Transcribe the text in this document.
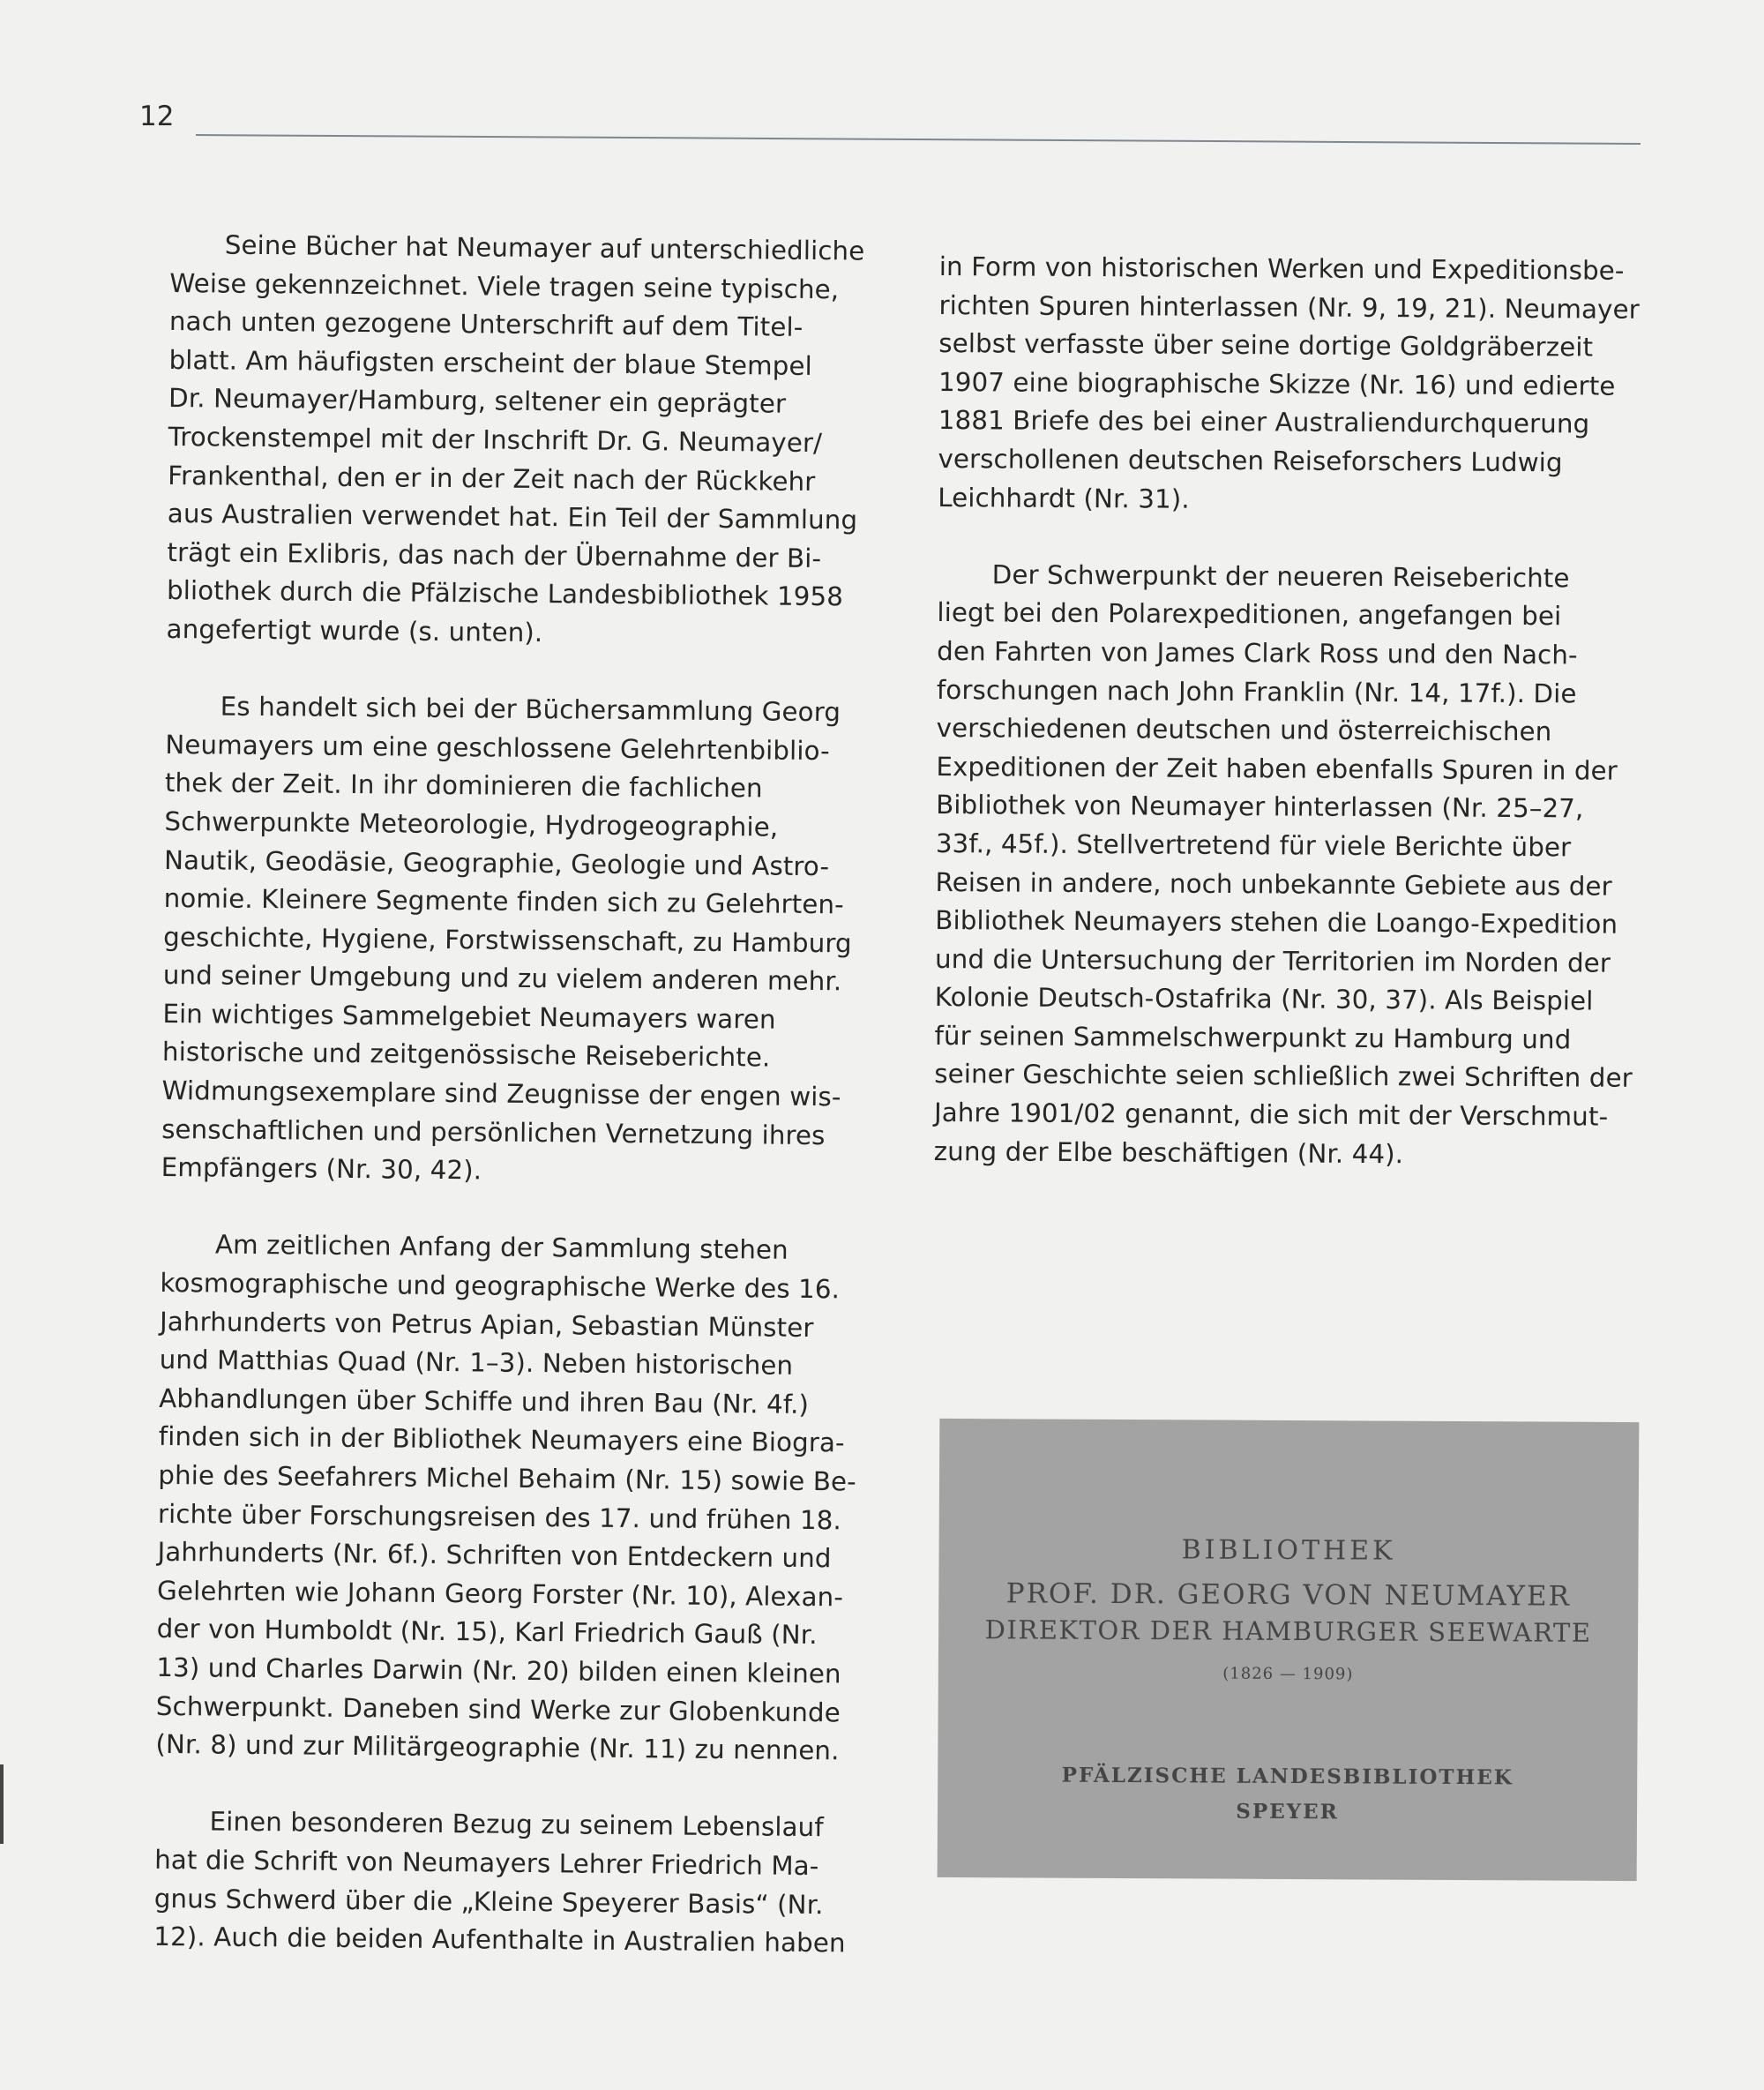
12
Seine Bücher hat Neumayer auf unterschiedliche
Weise gekennzeichnet. Viele tragen seine typische,
nach unten gezogene Unterschrift auf dem Titel-
blatt. Am häufigsten erscheint der blaue Stempel
Dr. Neumayer/Hamburg, seltener ein geprägter
Trockenstempel mit der Inschrift Dr. G. Neumayer/
Frankenthal, den er in der Zeit nach der Rückkehr
aus Australien verwendet hat. Ein Teil der Sammlung
trägt ein Exlibris, das nach der Übernahme der Bi-
bliothek durch die Pfälzische Landesbibliothek 1958
angefertigt wurde (s. unten).
Es handelt sich bei der Büchersammlung Georg
Neumayers um eine geschlossene Gelehrtenbiblio-
thek der Zeit. In ihr dominieren die fachlichen
Schwerpunkte Meteorologie, Hydrogeographie,
Nautik, Geodäsie, Geographie, Geologie und Astro-
nomie. Kleinere Segmente finden sich zu Gelehrten-
geschichte, Hygiene, Forstwissenschaft, zu Hamburg
und seiner Umgebung und zu vielem anderen mehr.
Ein wichtiges Sammelgebiet Neumayers waren
historische und zeitgenössische Reiseberichte.
Widmungsexemplare sind Zeugnisse der engen wis-
senschaftlichen und persönlichen Vernetzung ihres
Empfängers (Nr. 30, 42).
Am zeitlichen Anfang der Sammlung stehen
kosmographische und geographische Werke des 16.
Jahrhunderts von Petrus Apian, Sebastian Münster
und Matthias Quad (Nr. 1–3). Neben historischen
Abhandlungen über Schiffe und ihren Bau (Nr. 4f.)
finden sich in der Bibliothek Neumayers eine Biogra-
phie des Seefahrers Michel Behaim (Nr. 15) sowie Be-
richte über Forschungsreisen des 17. und frühen 18.
Jahrhunderts (Nr. 6f.). Schriften von Entdeckern und
Gelehrten wie Johann Georg Forster (Nr. 10), Alexan-
der von Humboldt (Nr. 15), Karl Friedrich Gauß (Nr.
13) und Charles Darwin (Nr. 20) bilden einen kleinen
Schwerpunkt. Daneben sind Werke zur Globenkunde
(Nr. 8) und zur Militärgeographie (Nr. 11) zu nennen.
Einen besonderen Bezug zu seinem Lebenslauf
hat die Schrift von Neumayers Lehrer Friedrich Ma-
gnus Schwerd über die „Kleine Speyerer Basis“ (Nr.
12). Auch die beiden Aufenthalte in Australien haben
in Form von historischen Werken und Expeditionsbe-
richten Spuren hinterlassen (Nr. 9, 19, 21). Neumayer
selbst verfasste über seine dortige Goldgräberzeit
1907 eine biographische Skizze (Nr. 16) und edierte
1881 Briefe des bei einer Australiendurchquerung
verschollenen deutschen Reiseforschers Ludwig
Leichhardt (Nr. 31).
Der Schwerpunkt der neueren Reiseberichte
liegt bei den Polarexpeditionen, angefangen bei
den Fahrten von James Clark Ross und den Nach-
forschungen nach John Franklin (Nr. 14, 17f.). Die
verschiedenen deutschen und österreichischen
Expeditionen der Zeit haben ebenfalls Spuren in der
Bibliothek von Neumayer hinterlassen (Nr. 25–27,
33f., 45f.). Stellvertretend für viele Berichte über
Reisen in andere, noch unbekannte Gebiete aus der
Bibliothek Neumayers stehen die Loango-Expedition
und die Untersuchung der Territorien im Norden der
Kolonie Deutsch-Ostafrika (Nr. 30, 37). Als Beispiel
für seinen Sammelschwerpunkt zu Hamburg und
seiner Geschichte seien schließlich zwei Schriften der
Jahre 1901/02 genannt, die sich mit der Verschmut-
zung der Elbe beschäftigen (Nr. 44).
BIBLIOTHEK
PROF. DR. GEORG VON NEUMAYER
DIREKTOR DER HAMBURGER SEEWARTE
(1826 — 1909)
PFÄLZISCHE LANDESBIBLIOTHEK
SPEYER
